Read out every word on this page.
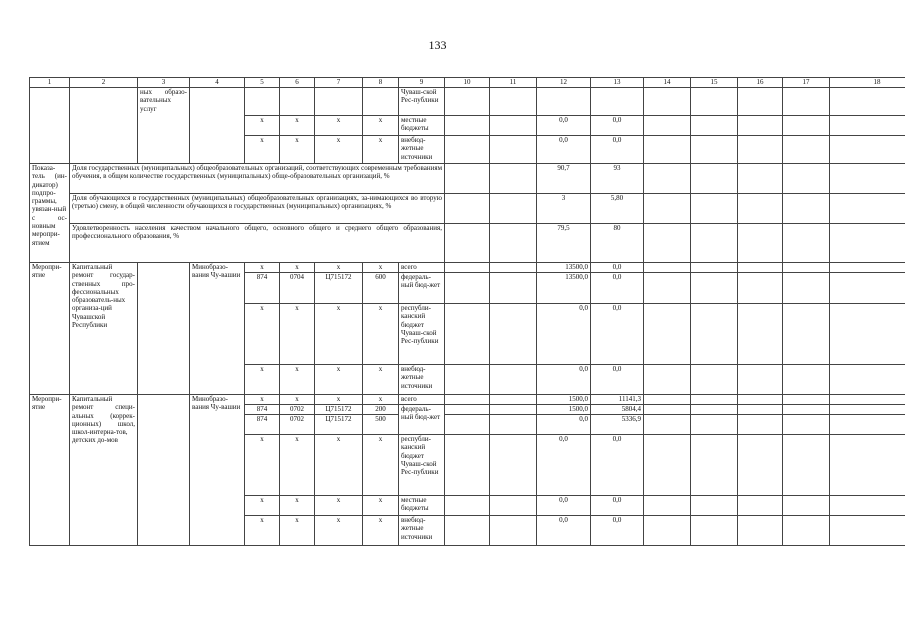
133
1	2	3	4	5	6	7	8	9	10	11	12	13	14	15	16	17	18
		ных образо-вательных услуг						Чуваш-ской Рес-публики									
				х	х	х	х	местные бюджеты			0,0	0,0					
				х	х	х	х	внебюд-жетные источники			0,0	0,0					
Показа-тель (ин-дикатор) подпро-граммы, увязан-ный с ос-новным меропри-ятием	Доля государственных (муниципальных) общеобразовательных организаций, соответствующих современным требованиям обучения, в общем количестве государственных (муниципальных) обще-образовательных организаций, %										90,7	93					
	Доля обучающихся в государственных (муниципальных) общеобразовательных организациях, за-нимающихся во вторую (третью) смену, в общей численности обучающихся в государственных (муниципальных) организациях, %										3	5,80					
	Удовлетворенность населения качеством начального общего, основного общего и среднего общего образования, профессионального образования, %										79,5	80					
Меропри-ятие	Капитальный ремонт государ-ственных про-фессиональных образователь-ных организа-ций Чувашской Республики		Минобразо-вания Чу-вашии	х	х	х	х	всего			13500,0	0,0					
				874	0704	Ц715172	600	федераль-ный бюд-жет			13500,0	0,0					
				х	х	х	х	республи-канский бюджет Чуваш-ской Рес-публики			0,0	0,0					
				х	х	х	х	внебюд-жетные источники			0,0	0,0					
Меропри-ятие	Капитальный ремонт специ-альных (коррек-ционных) школ, школ-интерна-тов, детских до-мов		Минобразо-вания Чу-вашии	х	х	х	х	всего			1500,0	11141,3					
				874	0702	Ц715172	200	федераль-ный бюд-жет			1500,0	5804,4					
				874	0702	Ц715172	500				0,0	5336,9					
				х	х	х	х	республи-канский бюджет Чуваш-ской Рес-публики			0,0	0,0					
				х	х	х	х	местные бюджеты			0,0	0,0					
				х	х	х	х	внебюд-жетные источники			0,0	0,0					
